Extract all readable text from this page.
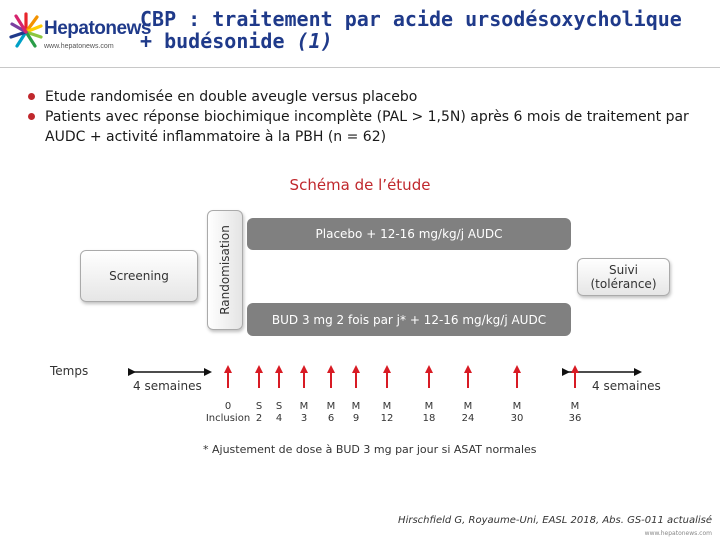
Hepatonews
www.hepatonews.com
CBP : traitement par acide ursodésoxycholique
+ budésonide (1)
Etude randomisée en double aveugle versus placebo
Patients avec réponse biochimique incomplète (PAL > 1,5N) après 6 mois de traitement par AUDC + activité inflammatoire à la PBH (n = 62)
Schéma de l’étude
Screening	Randomisation	Placebo + 12-16 mg/kg/j AUDC
BUD 3 mg 2 fois par j* + 12-16 mg/kg/j AUDC
Suivi
(tolérance)
Temps
4 semaines	4 semaines
0
Inclusion
S
2
S
4
M
3
M
6
M
9
M
12
M
18
M
24
M
30
M
36
* Ajustement de dose à BUD 3 mg par jour si ASAT normales
Hirschfield G, Royaume-Uni, EASL 2018, Abs. GS-011 actualisé
www.hepatonews.com
